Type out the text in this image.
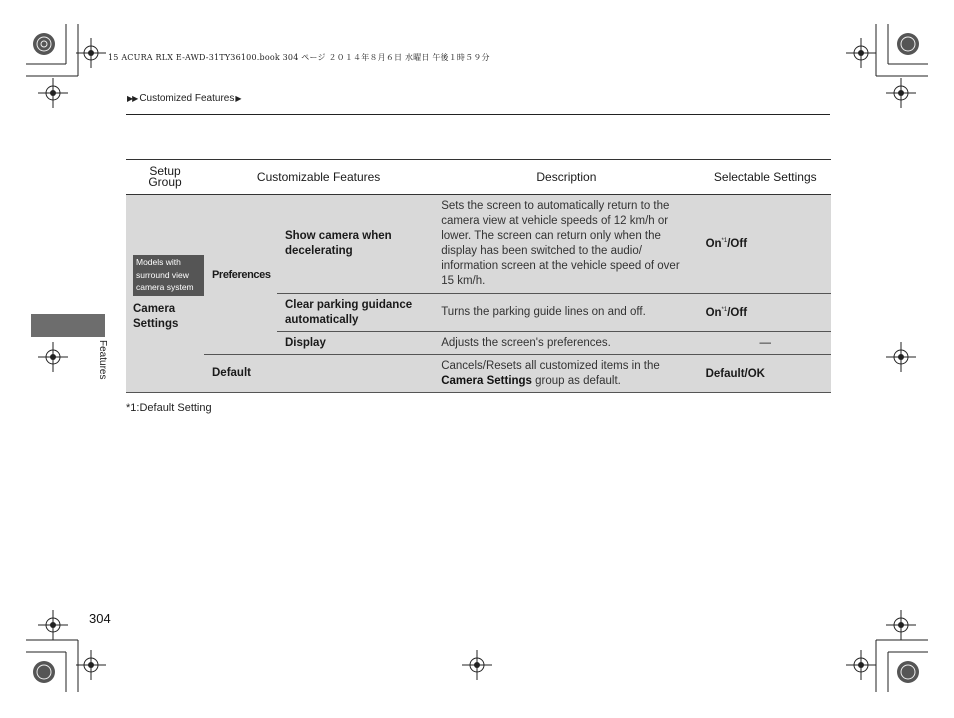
15 ACURA RLX E-AWD-31TY36100.book 304 ページ ２０１４年８月６日 水曜日 午後１時５９分
▶▶ Customized Features▶
Setup Group	Customizable Features		Description	Selectable Settings

Models with surround view camera system
Camera Settings	Preferences	Show camera when decelerating	Sets the screen to automatically return to the camera view at vehicle speeds of 12 km/h or lower. The screen can return only when the display has been switched to the audio/ information screen at the vehicle speed of over 15 km/h.	On$^{*1}$/Off
		Clear parking guidance automatically	Turns the parking guide lines on and off.	On$^{*1}$/Off
		Display	Adjusts the screen's preferences.	—
	Default		Cancels/Resets all customized items in the Camera Settings group as default.	Default/OK
*1:Default Setting
Features
304
